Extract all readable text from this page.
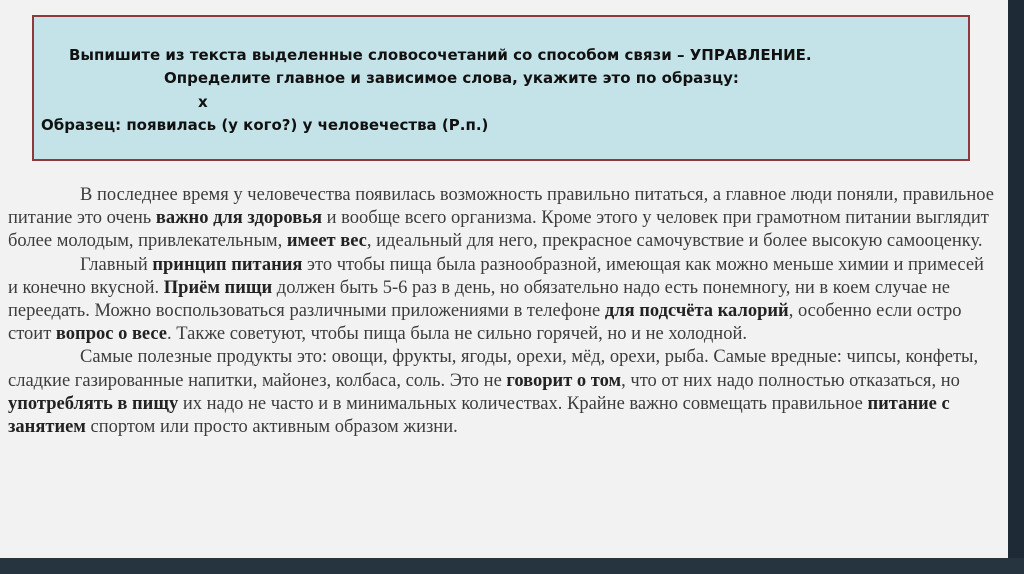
Выпишите из текста выделенные словосочетаний со способом связи – УПРАВЛЕНИЕ.
Определите главное и зависимое слова, укажите это по образцу:
х
Образец: появилась (у кого?) у человечества (Р.п.)

В последнее время у человечества появилась возможность правильно питаться, а главное люди поняли, правильное питание это очень важно для здоровья и вообще всего организма. Кроме этого у человек при грамотном питании выглядит более молодым, привлекательным, имеет вес, идеальный для него, прекрасное самочувствие и более высокую самооценку.

Главный принцип питания это чтобы пища была разнообразной, имеющая как можно меньше химии и примесей и конечно вкусной. Приём пищи должен быть 5-6 раз в день, но обязательно надо есть понемногу, ни в коем случае не переедать. Можно воспользоваться различными приложениями в телефоне для подсчёта калорий, особенно если остро стоит вопрос о весе. Также советуют, чтобы пища была не сильно горячей, но и не холодной.

Самые полезные продукты это: овощи, фрукты, ягоды, орехи, мёд, орехи, рыба. Самые вредные: чипсы, конфеты, сладкие газированные напитки, майонез, колбаса, соль. Это не говорит о том, что от них надо полностью отказаться, но употреблять в пищу их надо не часто и в минимальных количествах. Крайне важно совмещать правильное питание с занятием спортом или просто активным образом жизни.
